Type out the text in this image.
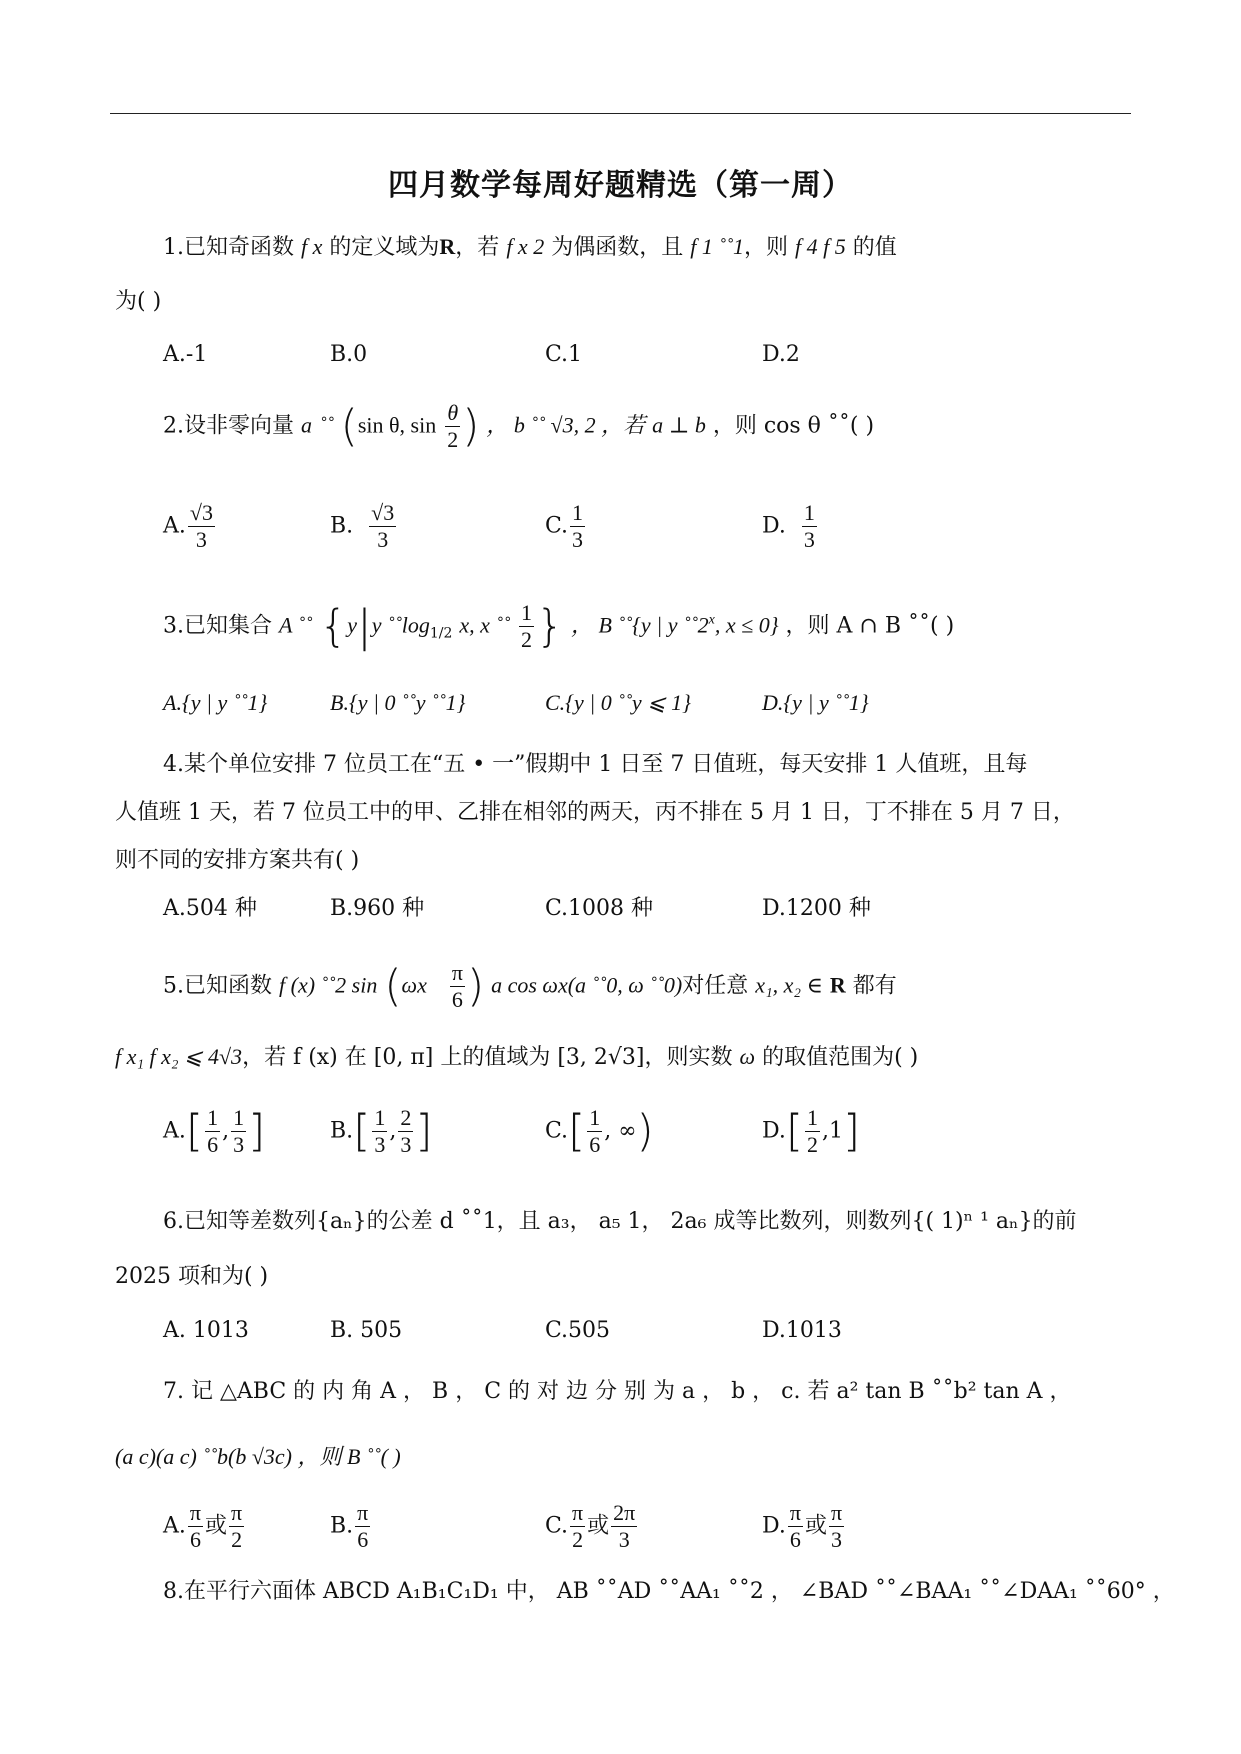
四月数学每周好题精选（第一周）
1.已知奇函数 f x 的定义域为R，若 f x 2 为偶函数，且 f 1 ˚˚1，则 f 4 f 5 的值
为( )
A.-1	B.0	C.1	D.2
2.设非零向量 a ˚˚ (sin θ, $\sin \frac{\theta}{2}$ ) ， b ˚˚ √3, 2 ，若 a ⊥ b ，则 cos θ ˚˚( )
A. $\frac{√3}{3}$	B. $\frac{√3}{3}$	C. $\frac{1}{3}$	D. $\frac{1}{3}$
3.已知集合 A ˚˚ {y|y $˚˚\log_{1/2}$ x, x ˚˚ $\frac{1}{2}$ } ， B ˚˚{y | y ˚˚2$^x$, x ≤ 0} ，则 A ∩ B ˚˚( )
A.{y | y ˚˚1}	B.{y | 0 ˚˚y ˚˚1}	C.{y | 0 ˚˚y ⩽ 1}	D.{y | y ˚˚1}
4.某个单位安排 7 位员工在“五 • 一”假期中 1 日至 7 日值班，每天安排 1 人值班，且每
人值班 1 天，若 7 位员工中的甲、乙排在相邻的两天，丙不排在 5 月 1 日，丁不排在 5 月 7 日，
则不同的安排方案共有( )
A.504 种	B.960 种	C.1008 种	D.1200 种
5.已知函数 f (x) ˚˚2 $\sin (\omega x \frac{\pi}{6}$ ) a cos ωx(a ˚˚0, ω ˚˚0)对任意 x₁, x₂ ∈ R 都有
f x₁ f x₂ ⩽ 4√3，若 f (x) 在 [0, π] 上的值域为 [3, 2√3]，则实数 ω 的取值范围为( )
$A.[ \frac{1}{6}$ , $\frac{1}{3}$ ]	$B.[ \frac{1}{3}$ , $\frac{2}{3}$ ]	$C.[ \frac{1}{6}$ , ∞)	$D.[ \frac{1}{2} ,1]$
6.已知等差数列{aₙ}的公差 d ˚˚1，且 a₃， a₅ 1， 2a₆ 成等比数列，则数列{( 1)ⁿ ¹ aₙ}的前
2025 项和为( )
A. 1013	B. 505	C.505	D.1013
7. 记 △ABC 的 内 角 A ， B ， C 的 对 边 分 别 为 a ， b ， c. 若 a² tan B ˚˚b² tan A ，
(a c)(a c) ˚˚b(b √3c) ，则 B ˚˚( )
A. $\frac{\pi}{6}$ 或 $\frac{\pi}{2}$	B. $\frac{\pi}{6}$	C. $\frac{\pi}{2}$ 或 $\frac{2\pi}{3}$	D. $\frac{\pi}{6}$ 或 $\frac{\pi}{3}$
8.在平行六面体 ABCD A₁B₁C₁D₁ 中， AB ˚˚AD ˚˚AA₁ ˚˚2 ， ∠BAD ˚˚∠BAA₁ ˚˚∠DAA₁ ˚˚60° ，
